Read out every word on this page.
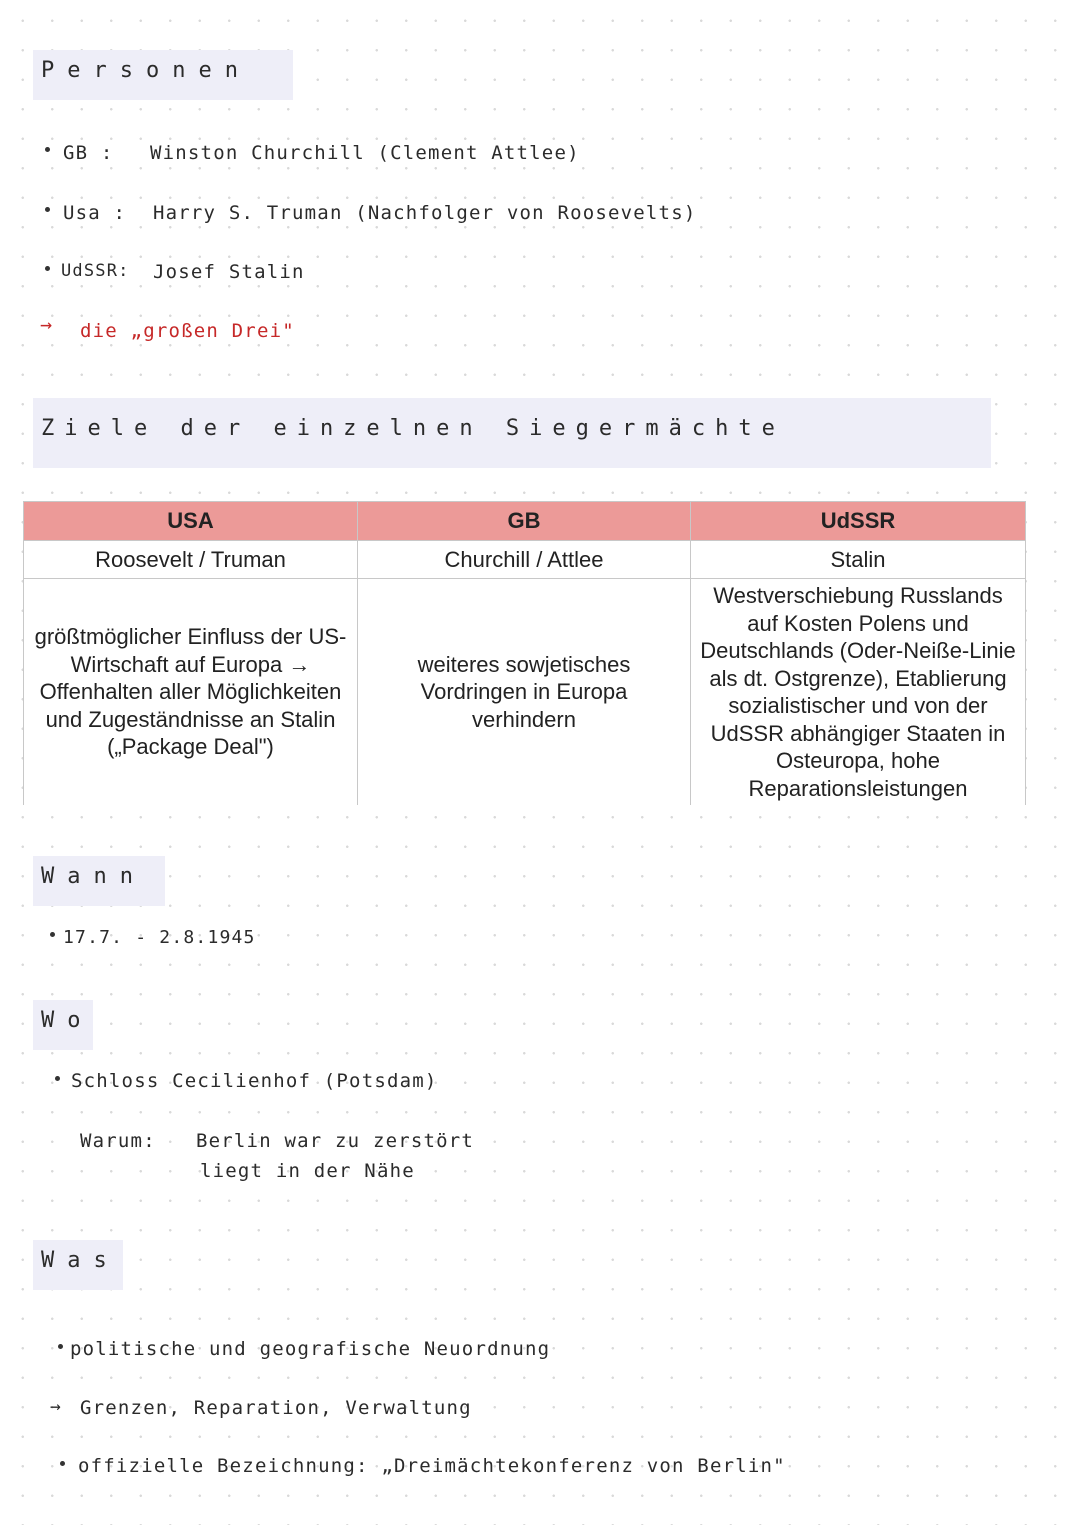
Personen
GB : Winston Churchill (Clement Attlee)
Usa : Harry S. Truman (Nachfolger von Roosevelts)
UdSSR: Josef Stalin
→ die „großen Drei"
Ziele der einzelnen Siegermächte
USA	GB	UdSSR
Roosevelt / Truman	Churchill / Attlee	Stalin
größtmöglicher Einfluss der US-Wirtschaft auf Europa → Offenhalten aller Möglichkeiten und Zugeständnisse an Stalin („Package Deal")	weiteres sowjetisches Vordringen in Europa verhindern	Westverschiebung Russlands auf Kosten Polens und Deutschlands (Oder-Neiße-Linie als dt. Ostgrenze), Etablierung sozialistischer und von der UdSSR abhängiger Staaten in Osteuropa, hohe Reparationsleistungen
Wann
17.7. - 2.8.1945
Wo
Schloss Cecilienhof (Potsdam)
Warum: Berlin war zu zerstört
liegt in der Nähe
Was
politische und geografische Neuordnung
→ Grenzen, Reparation, Verwaltung
offizielle Bezeichnung: „Dreimächtekonferenz von Berlin"
